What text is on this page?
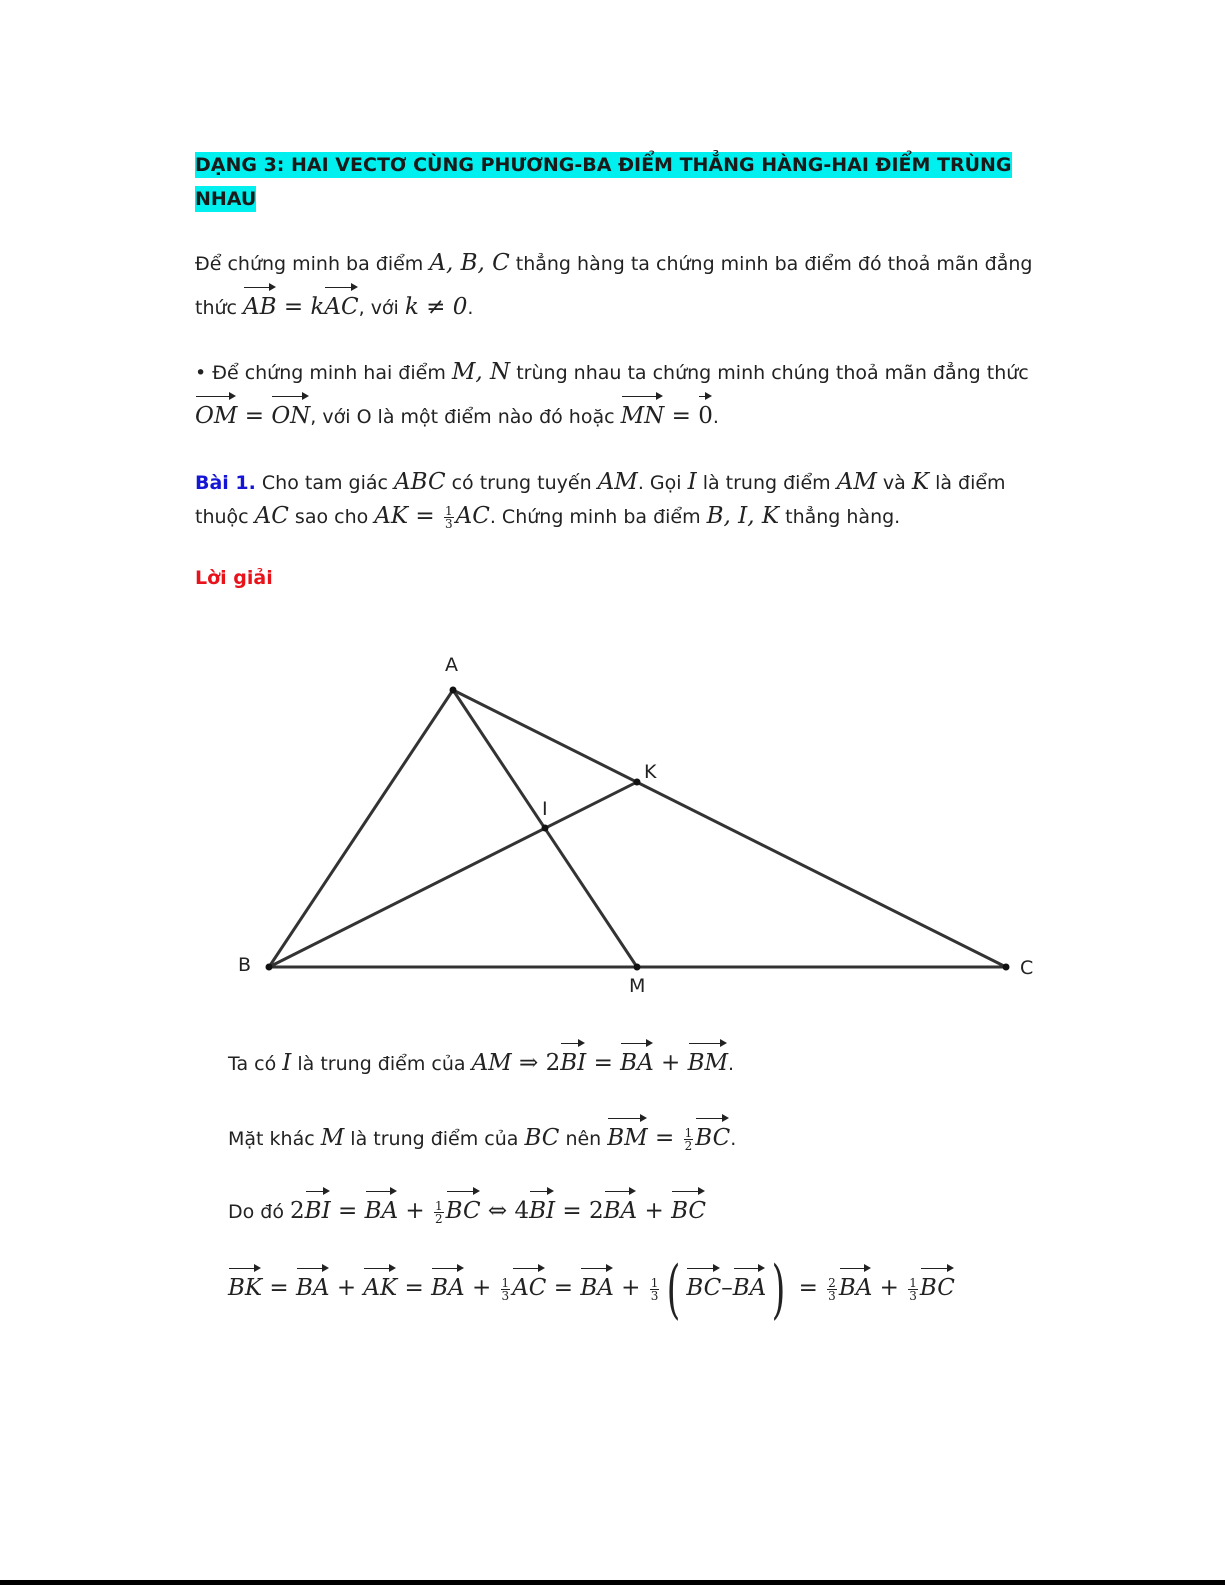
DẠNG 3: HAI VECTƠ CÙNG PHƯƠNG-BA ĐIỂM THẲNG HÀNG-HAI ĐIỂM TRÙNG
NHAU
Để chứng minh ba điểm A, B, C thẳng hàng ta chứng minh ba điểm đó thoả mãn đẳng
thức AB = kAC, với k ≠ 0.
• Để chứng minh hai điểm M, N trùng nhau ta chứng minh chúng thoả mãn đẳng thức
OM = ON, với O là một điểm nào đó hoặc MN = 0.
Bài 1. Cho tam giác ABC có trung tuyến AM. Gọi I là trung điểm AM và K là điểm
thuộc AC sao cho AK = $\frac{1}{3}$ AC. Chứng minh ba điểm B, I, K thẳng hàng.
Lời giải
A
B	C
K
I
M
Ta có I là trung điểm của AM ⇒ 2BI = BA + BM.
Mặt khác M là trung điểm của BC nên BM = $\frac{1}{2}$ BC.
Do đó 2BI = BA + $\frac{1}{2}$ BC ⇔ 4BI = 2BA + BC
BK = BA + AK = BA + $\frac{1}{3}$ AC = BA + $\frac{1}{3}$ ( $BC-BA) = \frac{2}{3}$ BA + $\frac{1}{3}$ BC
